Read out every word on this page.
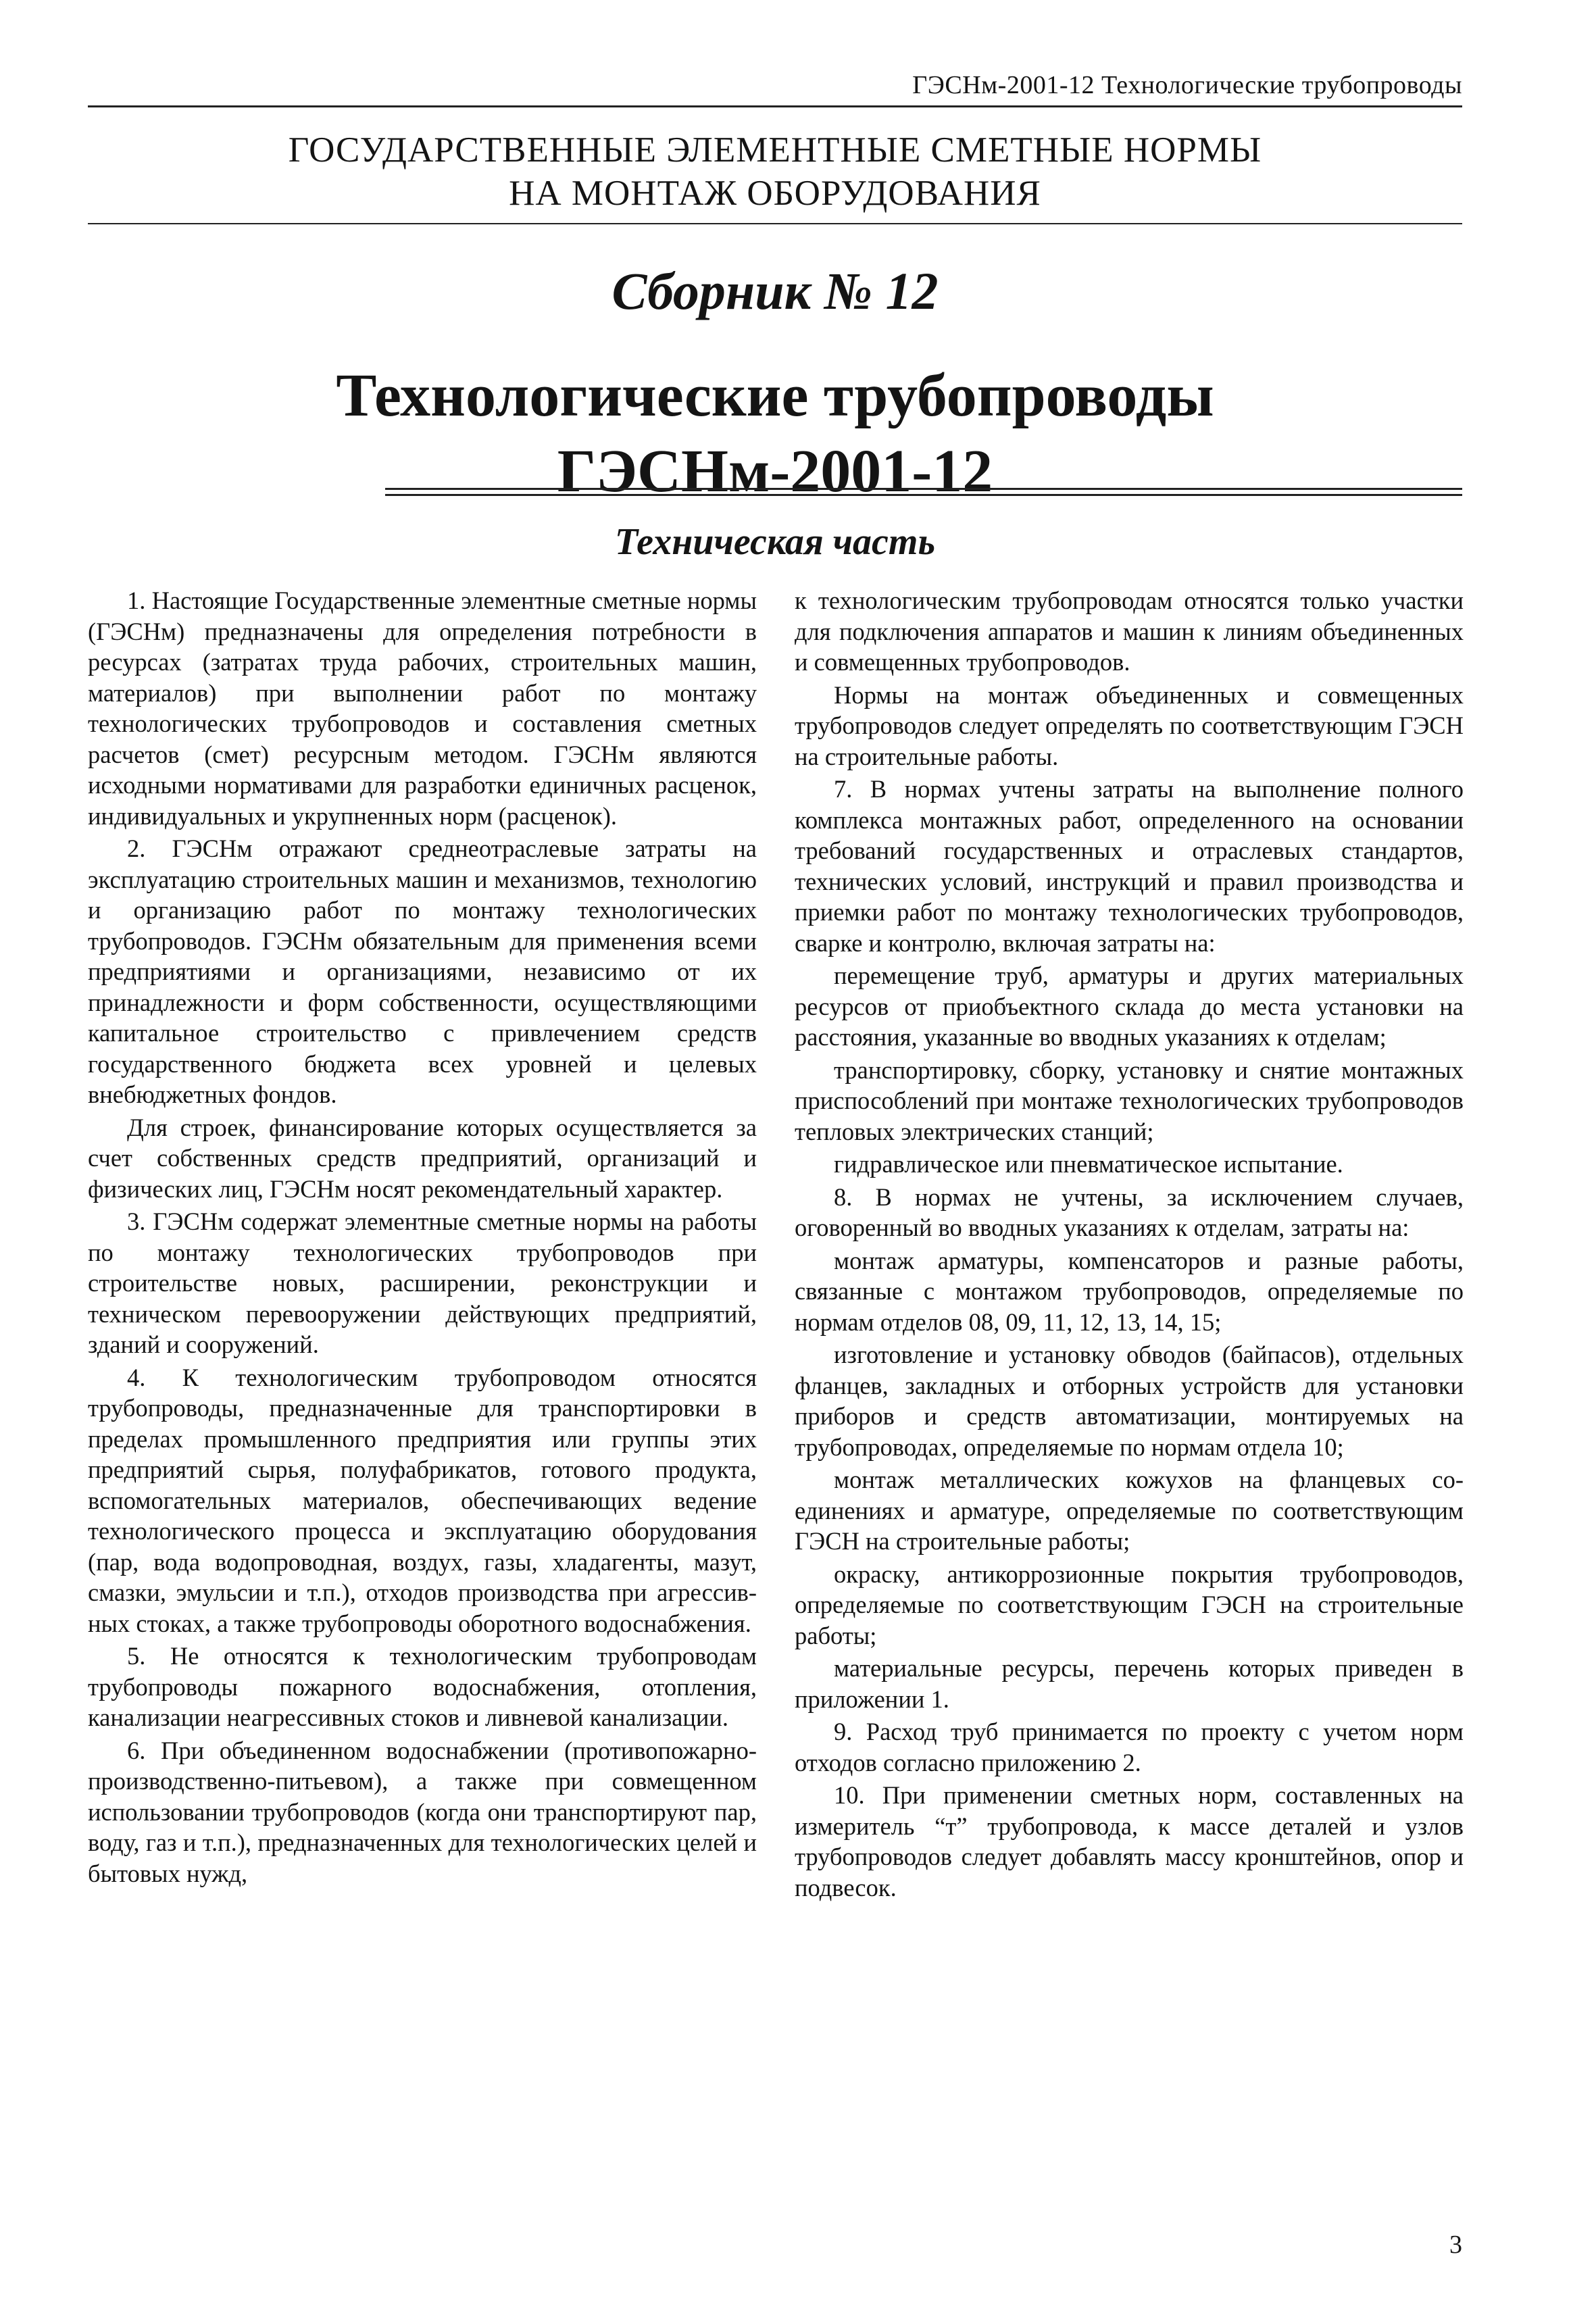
ГЭСНм-2001-12 Технологические трубопроводы
ГОСУДАРСТВЕННЫЕ ЭЛЕМЕНТНЫЕ СМЕТНЫЕ НОРМЫ
НА МОНТАЖ ОБОРУДОВАНИЯ
Сборник № 12
Технологические трубопроводы
ГЭСНм-2001-12
Техническая часть

1. Настоящие Государственные элементные сметные нормы (ГЭСНм) предназначены для определения потребности в ресурсах (затратах труда рабочих, строительных машин, материалов) при выполнении работ по монтажу технологических трубопроводов и составления сметных расчетов (смет) ресурсным методом. ГЭСНм являются исходными нормативами для разработки единичных расценок, индивидуальных и укрупненных норм (расценок).

2. ГЭСНм отражают среднеотраслевые затраты на эксплуатацию строительных машин и механизмов, технологию и организацию работ по монтажу технологических трубопроводов. ГЭСНм обязательным для применения всеми предприятиями и организациями, независимо от их принадлежности и форм собственности, осуществляющими капитальное строительство с привлечением средств государственного бюджета всех уровней и целевых внебюджетных фондов.

Для строек, финансирование которых осуществляется за счет собственных средств предприятий, организаций и физических лиц, ГЭСНм носят рекомендательный характер.

3. ГЭСНм содержат элементные сметные нормы на работы по монтажу технологических трубопроводов при строительстве новых, расширении, реконструкции и техническом перевооружении действующих предприятий, зданий и сооружений.

4. К технологическим трубопроводом относятся трубопроводы, предназначенные для транспортировки в пределах промышленного предприятия или группы этих предприятий сырья, полуфабрикатов, готового продукта, вспомогательных материалов, обеспечивающих ведение технологического процесса и эксплуатацию оборудования (пар, вода водопроводная, воздух, газы, хладагенты, мазут, смазки, эмульсии и т.п.), отходов производства при агрессивных стоках, а также трубопроводы оборотного водоснабжения.

5. Не относятся к технологическим трубопроводам трубопроводы пожарного водоснабжения, отопления, канализации неагрессивных стоков и ливневой канализации.

6. При объединенном водоснабжении (противопожарно-производственно-питьевом), а также при совмещенном использовании трубопроводов (когда они транспортируют пар, воду, газ и т.п.), предназначенных для технологических целей и бытовых нужд,

к технологическим трубопроводам относятся только участки для подключения аппаратов и машин к линиям объединенных и совмещенных трубопроводов.

Нормы на монтаж объединенных и совмещенных трубопроводов следует определять по соответствующим ГЭСН на строительные работы.

7. В нормах учтены затраты на выполнение полного комплекса монтажных работ, определенного на основании требований государственных и отраслевых стандартов, технических условий, инструкций и правил производства и приемки работ по монтажу технологических трубопроводов, сварке и контролю, включая затраты на:

перемещение труб, арматуры и других материальных ресурсов от приобъектного склада до места установки на расстояния, указанные во вводных указаниях к отделам;

транспортировку, сборку, установку и снятие монтажных приспособлений при монтаже технологических трубопроводов тепловых электрических станций;

гидравлическое или пневматическое испытание.

8. В нормах не учтены, за исключением случаев, оговоренный во вводных указаниях к отделам, затраты на:

монтаж арматуры, компенсаторов и разные работы, связанные с монтажом трубопроводов, определяемые по нормам отделов 08, 09, 11, 12, 13, 14, 15;

изготовление и установку обводов (байпасов), отдельных фланцев, закладных и отборных устройств для установки приборов и средств автоматизации, монтируемых на трубопроводах, определяемые по нормам отдела 10;

монтаж металлических кожухов на фланцевых соединениях и арматуре, определяемые по соответствующим ГЭСН на строительные работы;

окраску, антикоррозионные покрытия трубопроводов, определяемые по соответствующим ГЭСН на строительные работы;

материальные ресурсы, перечень которых приведен в приложении 1.

9. Расход труб принимается по проекту с учетом норм отходов согласно приложению 2.

10. При применении сметных норм, составленных на измеритель “т” трубопровода, к массе деталей и узлов трубопроводов следует добавлять массу кронштейнов, опор и подвесок.

3
